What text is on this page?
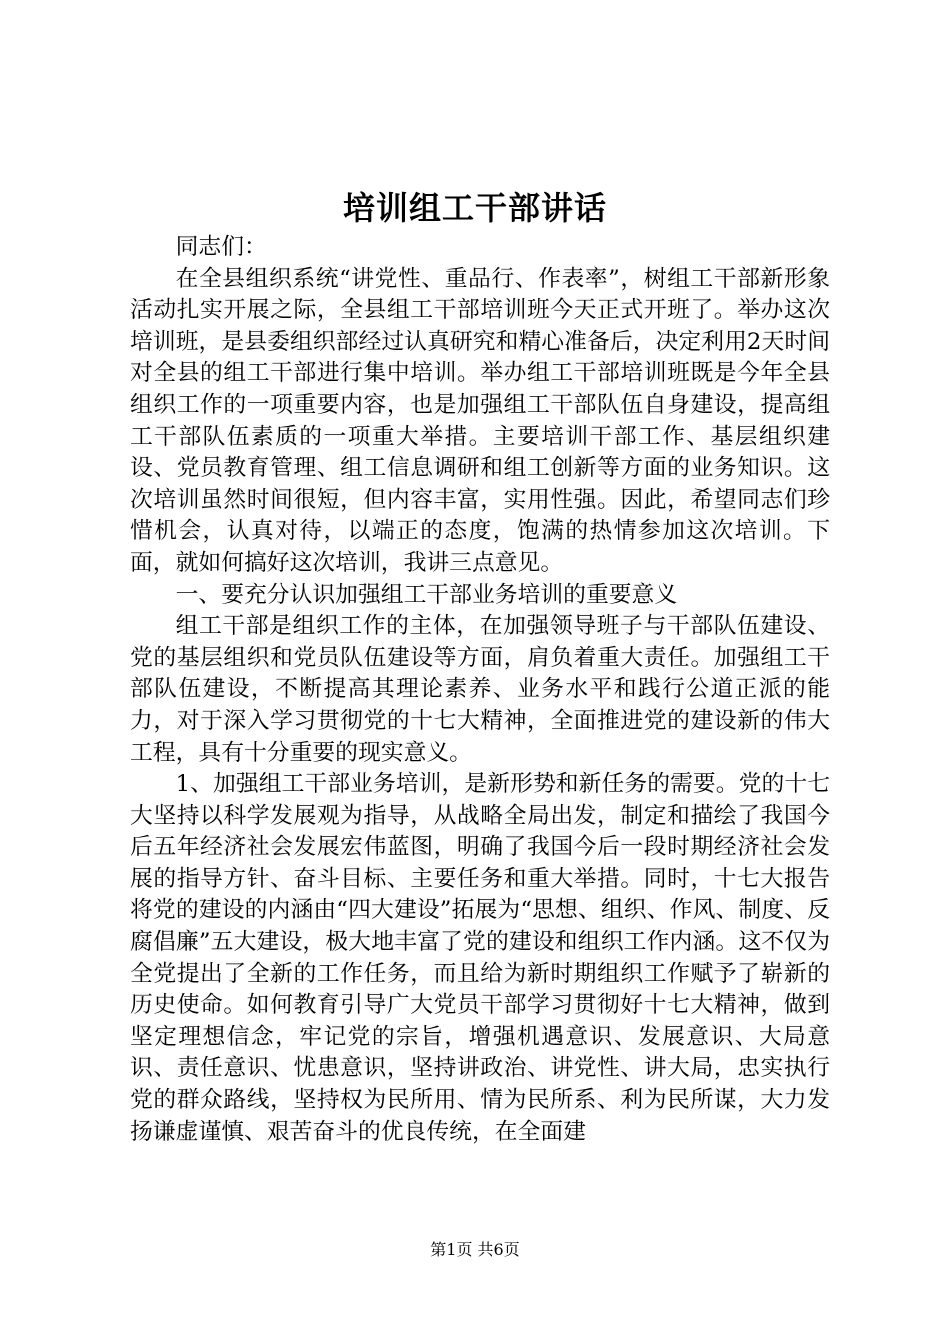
培训组工干部讲话

同志们：

在全县组织系统“讲党性、重品行、作表率”，树组工干部新形象活动扎实开展之际，全县组工干部培训班今天正式开班了。举办这次培训班，是县委组织部经过认真研究和精心准备后，决定利用2天时间对全县的组工干部进行集中培训。举办组工干部培训班既是今年全县组织工作的一项重要内容，也是加强组工干部队伍自身建设，提高组工干部队伍素质的一项重大举措。主要培训干部工作、基层组织建设、党员教育管理、组工信息调研和组工创新等方面的业务知识。这次培训虽然时间很短，但内容丰富，实用性强。因此，希望同志们珍惜机会，认真对待，以端正的态度，饱满的热情参加这次培训。下面，就如何搞好这次培训，我讲三点意见。

一、要充分认识加强组工干部业务培训的重要意义

组工干部是组织工作的主体，在加强领导班子与干部队伍建设、党的基层组织和党员队伍建设等方面，肩负着重大责任。加强组工干部队伍建设，不断提高其理论素养、业务水平和践行公道正派的能力，对于深入学习贯彻党的十七大精神，全面推进党的建设新的伟大工程，具有十分重要的现实意义。

1、加强组工干部业务培训，是新形势和新任务的需要。党的十七大坚持以科学发展观为指导，从战略全局出发，制定和描绘了我国今后五年经济社会发展宏伟蓝图，明确了我国今后一段时期经济社会发展的指导方针、奋斗目标、主要任务和重大举措。同时，十七大报告将党的建设的内涵由“四大建设”拓展为“思想、组织、作风、制度、反腐倡廉”五大建设，极大地丰富了党的建设和组织工作内涵。这不仅为全党提出了全新的工作任务，而且给为新时期组织工作赋予了崭新的历史使命。如何教育引导广大党员干部学习贯彻好十七大精神，做到坚定理想信念，牢记党的宗旨，增强机遇意识、发展意识、大局意识、责任意识、忧患意识，坚持讲政治、讲党性、讲大局，忠实执行党的群众路线，坚持权为民所用、情为民所系、利为民所谋，大力发扬谦虚谨慎、艰苦奋斗的优良传统，在全面建

第1页 共6页
